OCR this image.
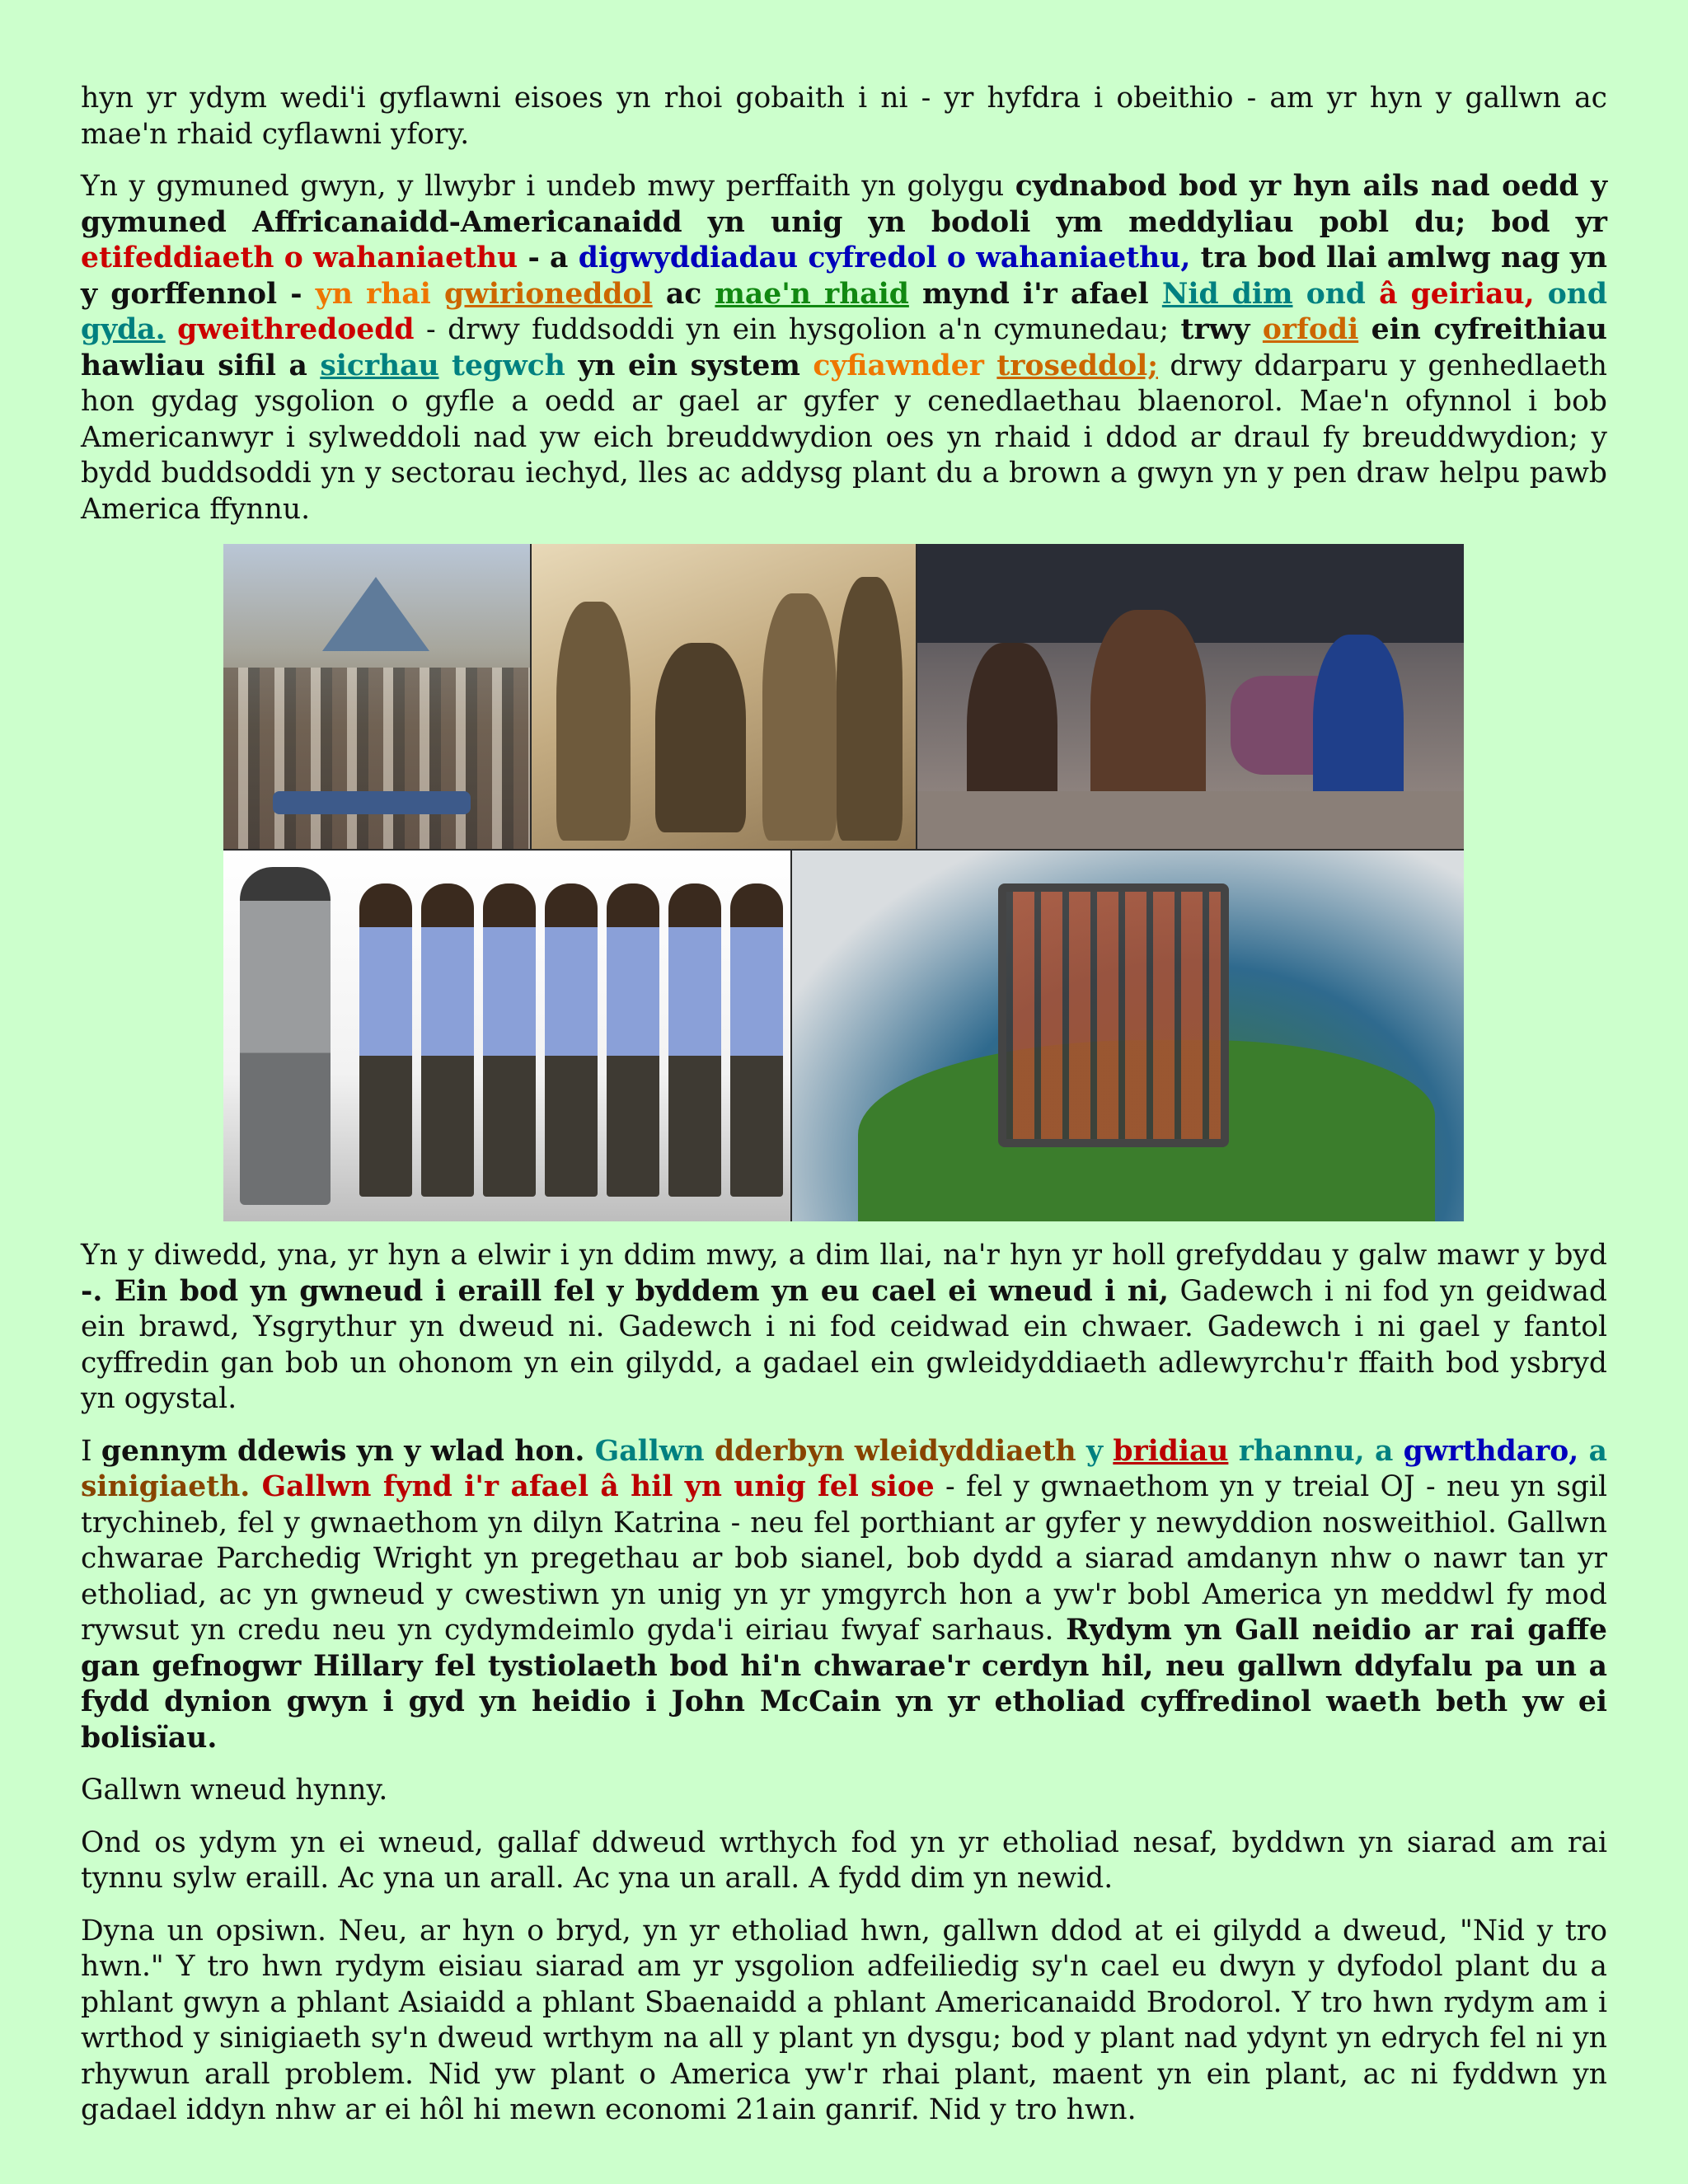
hyn yr ydym wedi'i gyflawni eisoes yn rhoi gobaith i ni - yr hyfdra i obeithio - am yr hyn y gallwn ac mae'n rhaid cyflawni yfory.

Yn y gymuned gwyn, y llwybr i undeb mwy perffaith yn golygu cydnabod bod yr hyn ails nad oedd y gymuned Affricanaidd-Americanaidd yn unig yn bodoli ym meddyliau pobl du; bod yr etifeddiaeth o wahaniaethu - a digwyddiadau cyfredol o wahaniaethu, tra bod llai amlwg nag yn y gorffennol - yn rhai gwirioneddol ac mae'n rhaid mynd i'r afael Nid dim ond â geiriau, ond gyda. gweithredoedd - drwy fuddsoddi yn ein hysgolion a'n cymunedau; trwy orfodi ein cyfreithiau hawliau sifil a sicrhau tegwch yn ein system cyfiawnder troseddol; drwy ddarparu y genhedlaeth hon gydag ysgolion o gyfle a oedd ar gael ar gyfer y cenedlaethau blaenorol. Mae'n ofynnol i bob Americanwyr i sylweddoli nad yw eich breuddwydion oes yn rhaid i ddod ar draul fy breuddwydion; y bydd buddsoddi yn y sectorau iechyd, lles ac addysg plant du a brown a gwyn yn y pen draw helpu pawb America ffynnu.

Yn y diwedd, yna, yr hyn a elwir i yn ddim mwy, a dim llai, na'r hyn yr holl grefyddau y galw mawr y byd -. Ein bod yn gwneud i eraill fel y byddem yn eu cael ei wneud i ni, Gadewch i ni fod yn geidwad ein brawd, Ysgrythur yn dweud ni. Gadewch i ni fod ceidwad ein chwaer. Gadewch i ni gael y fantol cyffredin gan bob un ohonom yn ein gilydd, a gadael ein gwleidyddiaeth adlewyrchu'r ffaith bod ysbryd yn ogystal.

I gennym ddewis yn y wlad hon. Gallwn dderbyn wleidyddiaeth y bridiau rhannu, a gwrthdaro, a sinigiaeth. Gallwn fynd i'r afael â hil yn unig fel sioe - fel y gwnaethom yn y treial OJ - neu yn sgil trychineb, fel y gwnaethom yn dilyn Katrina - neu fel porthiant ar gyfer y newyddion nosweithiol. Gallwn chwarae Parchedig Wright yn pregethau ar bob sianel, bob dydd a siarad amdanyn nhw o nawr tan yr etholiad, ac yn gwneud y cwestiwn yn unig yn yr ymgyrch hon a yw'r bobl America yn meddwl fy mod rywsut yn credu neu yn cydymdeimlo gyda'i eiriau fwyaf sarhaus. Rydym yn Gall neidio ar rai gaffe gan gefnogwr Hillary fel tystiolaeth bod hi'n chwarae'r cerdyn hil, neu gallwn ddyfalu pa un a fydd dynion gwyn i gyd yn heidio i John McCain yn yr etholiad cyffredinol waeth beth yw ei bolisïau.

Gallwn wneud hynny.

Ond os ydym yn ei wneud, gallaf ddweud wrthych fod yn yr etholiad nesaf, byddwn yn siarad am rai tynnu sylw eraill. Ac yna un arall. Ac yna un arall. A fydd dim yn newid.

Dyna un opsiwn. Neu, ar hyn o bryd, yn yr etholiad hwn, gallwn ddod at ei gilydd a dweud, "Nid y tro hwn." Y tro hwn rydym eisiau siarad am yr ysgolion adfeiliedig sy'n cael eu dwyn y dyfodol plant du a phlant gwyn a phlant Asiaidd a phlant Sbaenaidd a phlant Americanaidd Brodorol. Y tro hwn rydym am i wrthod y sinigiaeth sy'n dweud wrthym na all y plant yn dysgu; bod y plant nad ydynt yn edrych fel ni yn rhywun arall problem. Nid yw plant o America yw'r rhai plant, maent yn ein plant, ac ni fyddwn yn gadael iddyn nhw ar ei hôl hi mewn economi 21ain ganrif. Nid y tro hwn.
